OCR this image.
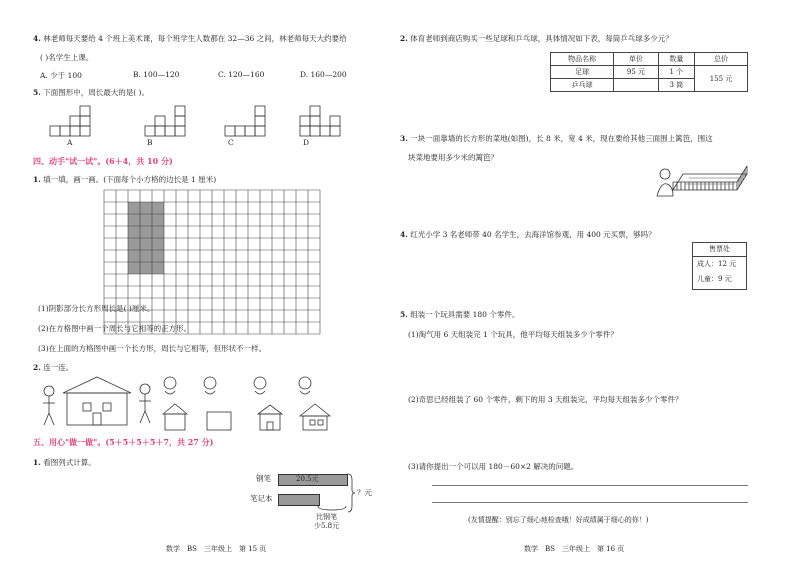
4. 林老师每天要给 4 个班上美术课，每个班学生人数都在 32—36 之间，林老师每天大约要给
( )名学生上课。
A. 少于 100	B. 100—120	C. 120—160	D. 160—200
5. 下面图形中，周长最大的是( )。
A	B	C	D
四、动手"试一试"。(6＋4，共 10 分)
1. 填一填，画一画。(下面每个小方格的边长是 1 厘米)
(1)阴影部分长方形周长是( )厘米。
(2)在方格图中画一个周长与它相等的正方形。
(3)在上面的方格图中画一个长方形，周长与它相等，但形状不一样。
2. 连一连。
五、用心"做一做"。(5＋5＋5＋5＋7，共 27 分)
1. 看图列式计算。
钢笔	20.5元
笔记本
？元
比钢笔
少5.8元
数学　BS　三年级上　第 15 页
2. 体育老师到商店购买一些足球和乒乓球，具体情况如下表，每筒乒乓球多少元？
物品名称	单价	数量	总价
足球	95 元	1 个	155 元
乒乓球		3 筒	
3. 一块一面靠墙的长方形的菜地(如图)，长 8 米，宽 4 米，现在要给其他三面围上篱笆，围这
块菜地要用多少米的篱笆？
4. 红光小学 3 名老师带 40 名学生，去海洋馆参观，用 400 元买票，够吗？
售票处
成人：12 元
儿童：9 元
5. 组装一个玩具需要 180 个零件。
(1)淘气用 6 天组装完 1 个玩具，他平均每天组装多少个零件？
(2)奇思已经组装了 60 个零件，剩下的用 3 天组装完，平均每天组装多少个零件？
(3)请你提出一个可以用 180－60×2 解决的问题。
(友情提醒：别忘了细心地检查哦！好成绩属于细心的你！)
数学　BS　三年级上　第 16 页
